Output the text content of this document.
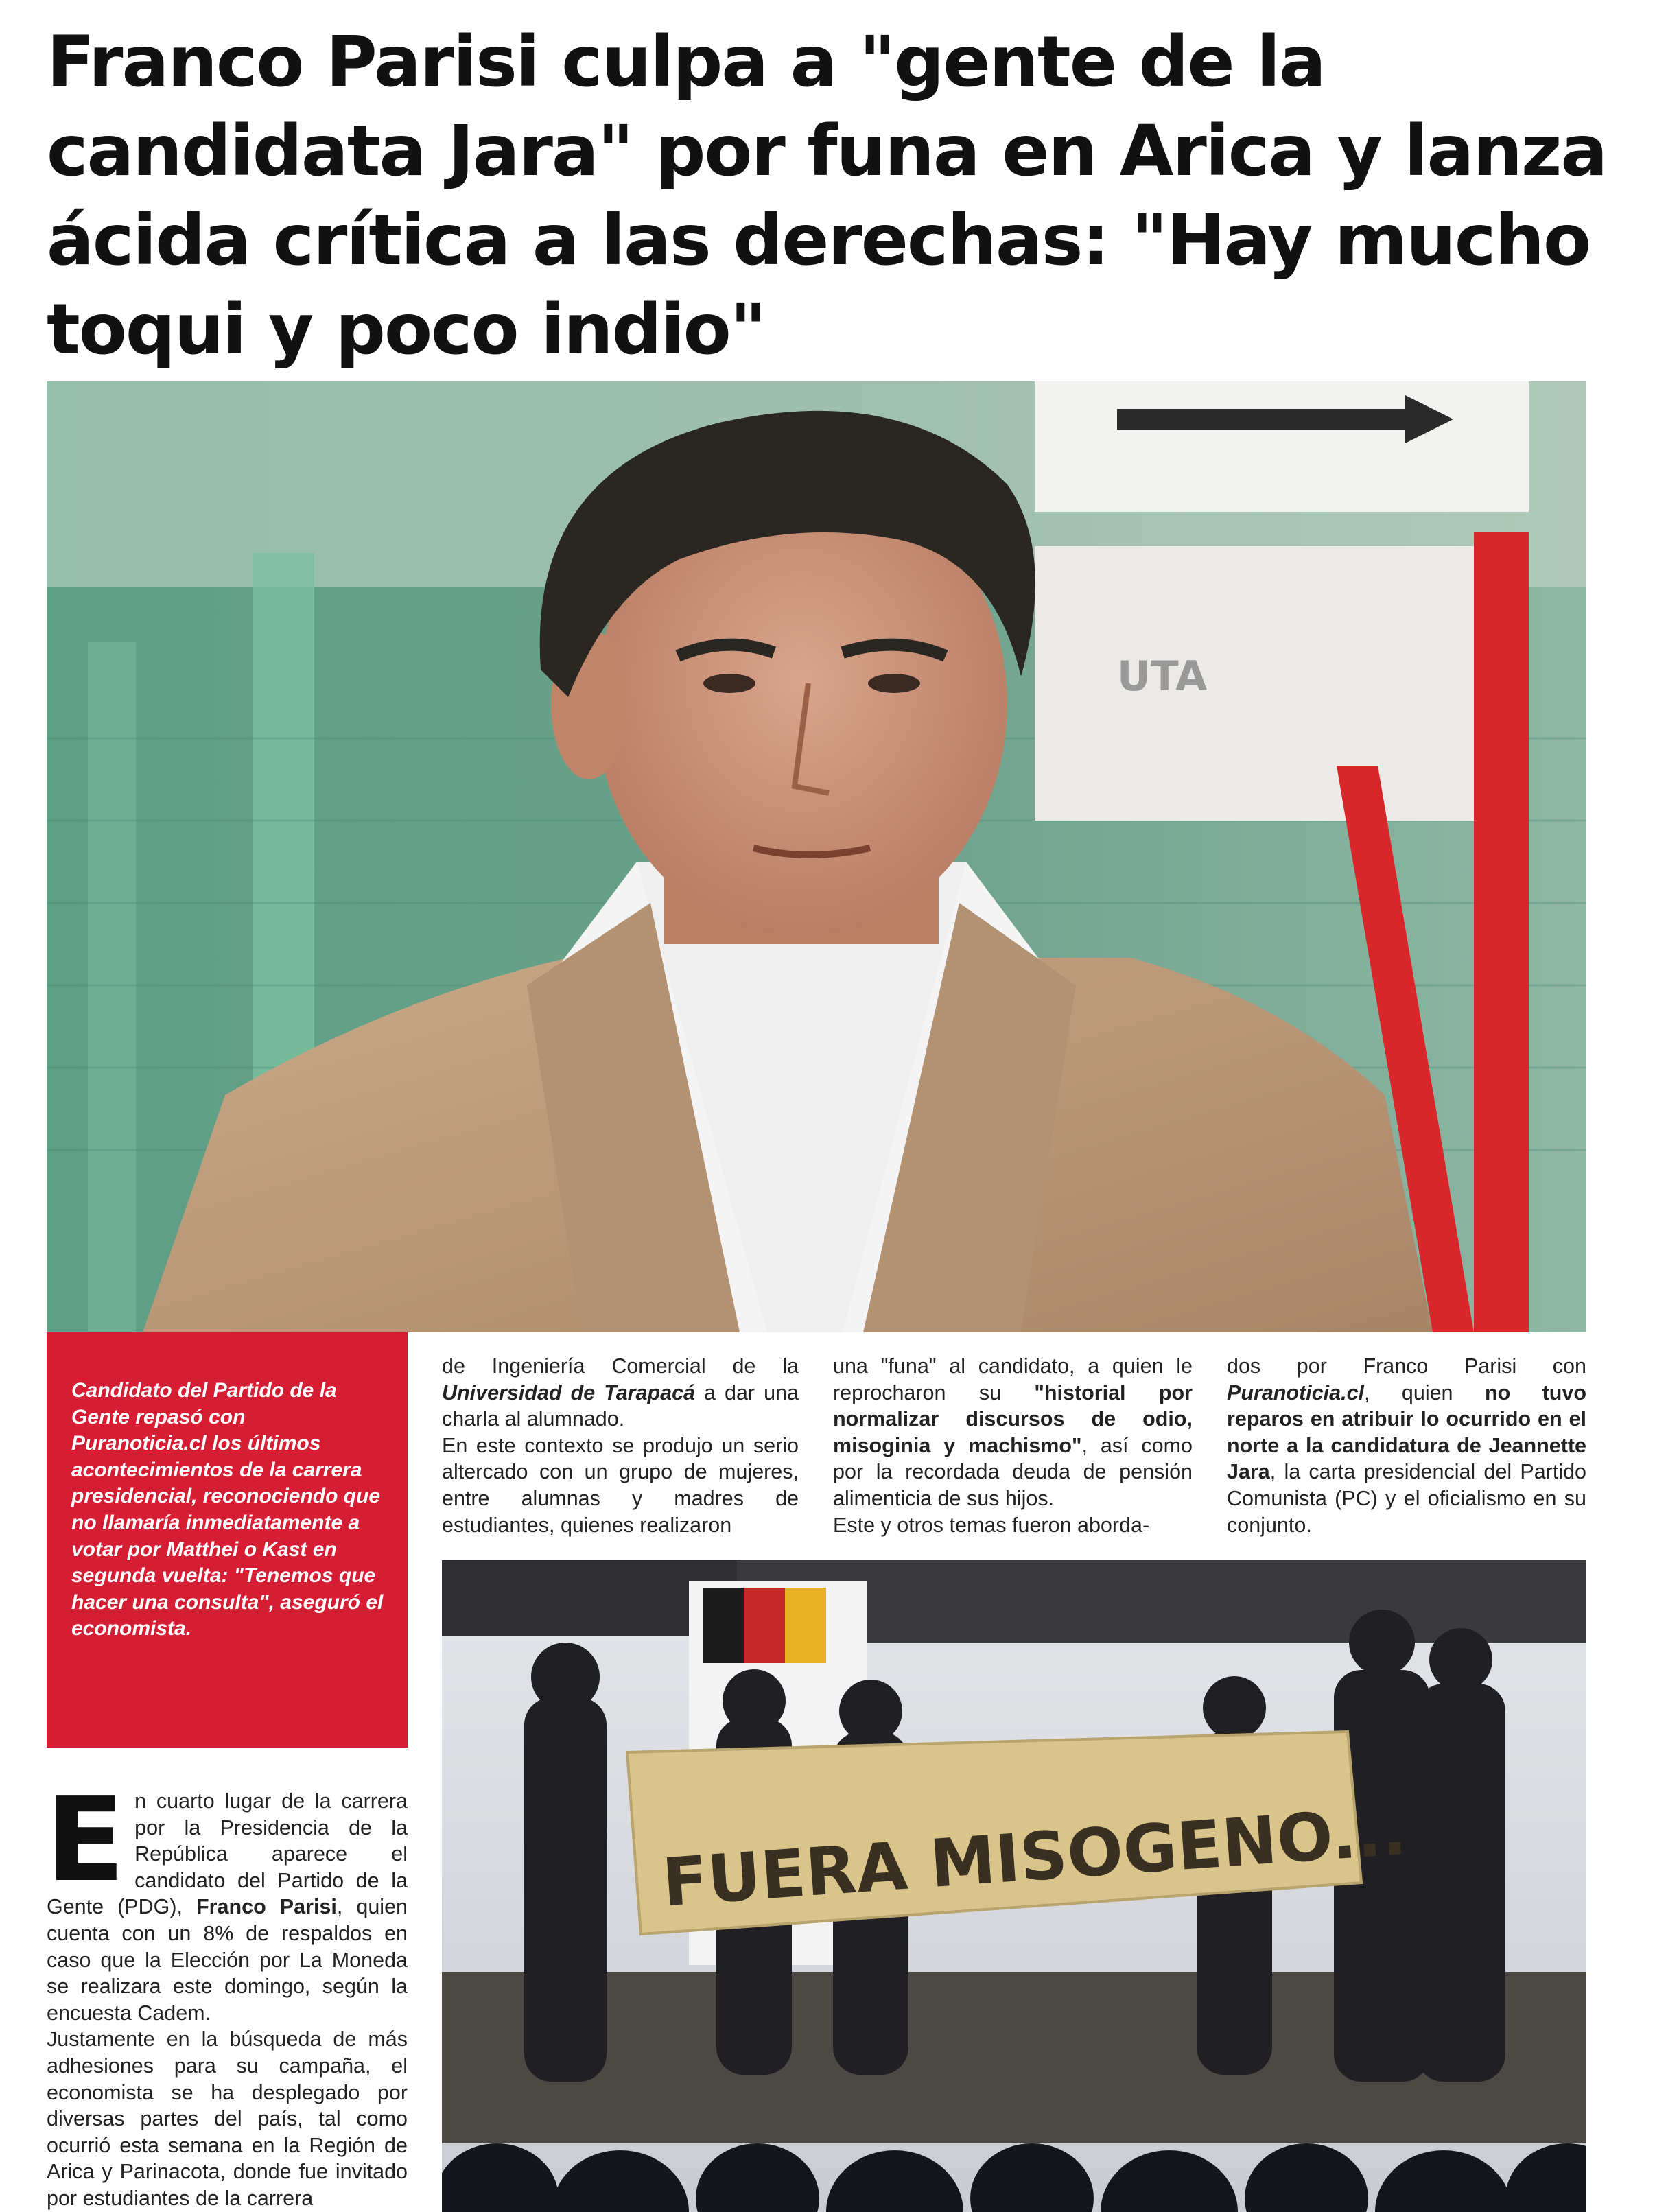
Franco Parisi culpa a "gente de la candidata Jara" por funa en Arica y lanza ácida crítica a las derechas: "Hay mucho toqui y poco indio"
UTA
Candidato del Partido de la Gente repasó con Puranoticia.cl los últimos acontecimientos de la carrera presidencial, reconociendo que no llamaría inmediatamente a votar por Matthei o Kast en segunda vuelta: "Tenemos que hacer una consulta", aseguró el economista.

En cuarto lugar de la carrera por la Presidencia de la República aparece el candidato del Partido de la Gente (PDG), Franco Parisi, quien cuenta con un 8% de respaldos en caso que la Elección por La Moneda se realizara este domingo, según la encuesta Cadem.

Justamente en la búsqueda de más adhesiones para su campaña, el economista se ha desplegado por diversas partes del país, tal como ocurrió esta semana en la Región de Arica y Parinacota, donde fue invitado por estudiantes de la carrera

de Ingeniería Comercial de la Universidad de Tarapacá a dar una charla al alumnado.

En este contexto se produjo un serio altercado con un grupo de mujeres, entre alumnas y madres de estudiantes, quienes realizaron

una "funa" al candidato, a quien le reprocharon su "historial por normalizar discursos de odio, misoginia y machismo", así como por la recordada deuda de pensión alimenticia de sus hijos.

Este y otros temas fueron aborda-

dos por Franco Parisi con Puranoticia.cl, quien no tuvo reparos en atribuir lo ocurrido en el norte a la candidatura de Jeannette Jara, la carta presidencial del Partido Comunista (PC) y el oficialismo en su conjunto.

FUERA MISOGENO...
